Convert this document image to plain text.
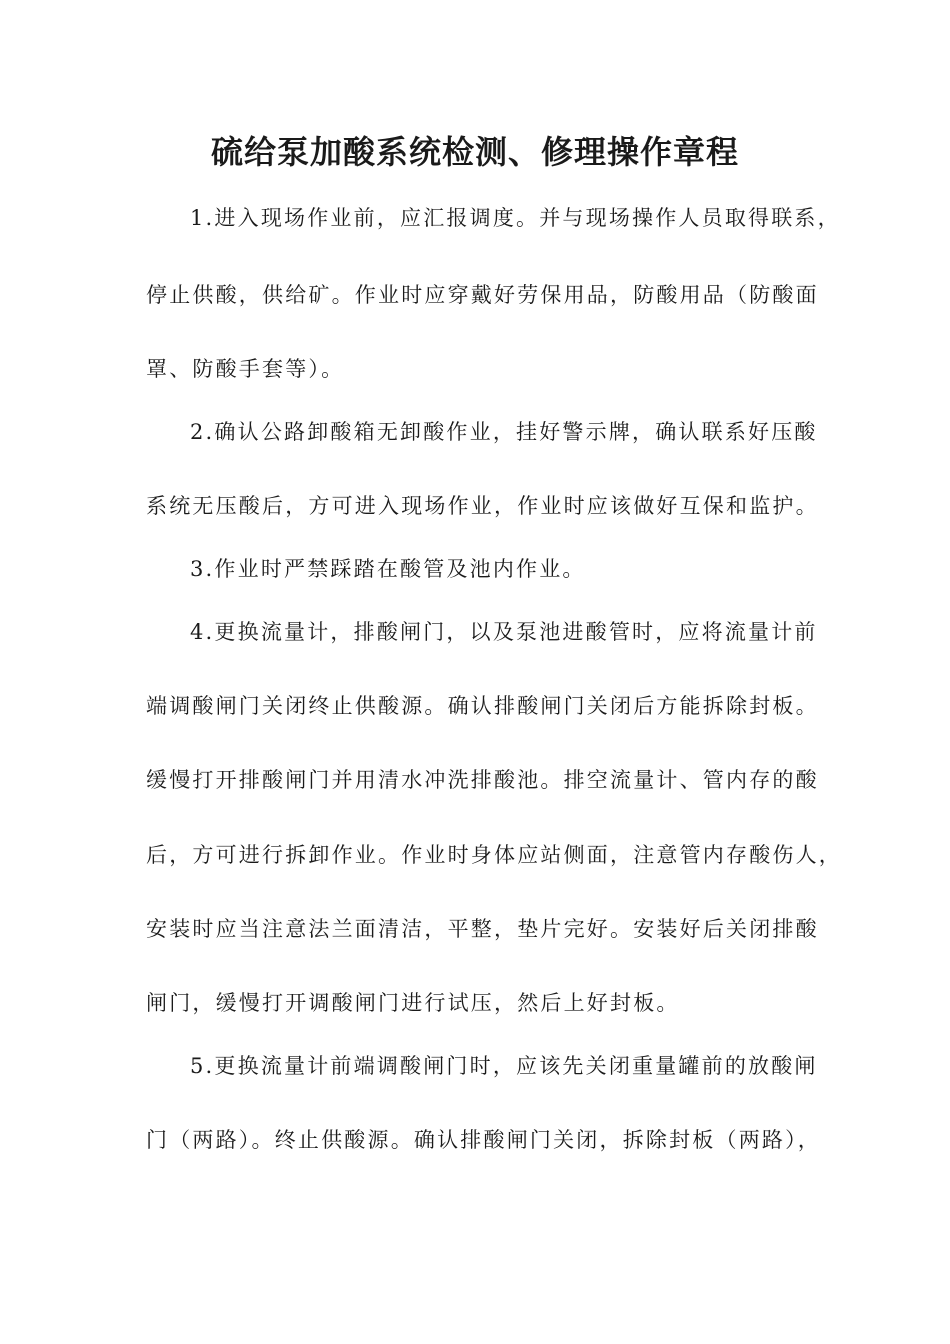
硫给泵加酸系统检测、修理操作章程
1.进入现场作业前，应汇报调度。并与现场操作人员取得联系，
停止供酸，供给矿。作业时应穿戴好劳保用品，防酸用品（防酸面
罩、防酸手套等）。
2.确认公路卸酸箱无卸酸作业，挂好警示牌，确认联系好压酸
系统无压酸后，方可进入现场作业，作业时应该做好互保和监护。
3.作业时严禁踩踏在酸管及池内作业。
4.更换流量计，排酸闸门，以及泵池进酸管时，应将流量计前
端调酸闸门关闭终止供酸源。确认排酸闸门关闭后方能拆除封板。
缓慢打开排酸闸门并用清水冲洗排酸池。排空流量计、管内存的酸
后，方可进行拆卸作业。作业时身体应站侧面，注意管内存酸伤人，
安装时应当注意法兰面清洁，平整，垫片完好。安装好后关闭排酸
闸门，缓慢打开调酸闸门进行试压，然后上好封板。
5.更换流量计前端调酸闸门时，应该先关闭重量罐前的放酸闸
门（两路）。终止供酸源。确认排酸闸门关闭，拆除封板（两路），
